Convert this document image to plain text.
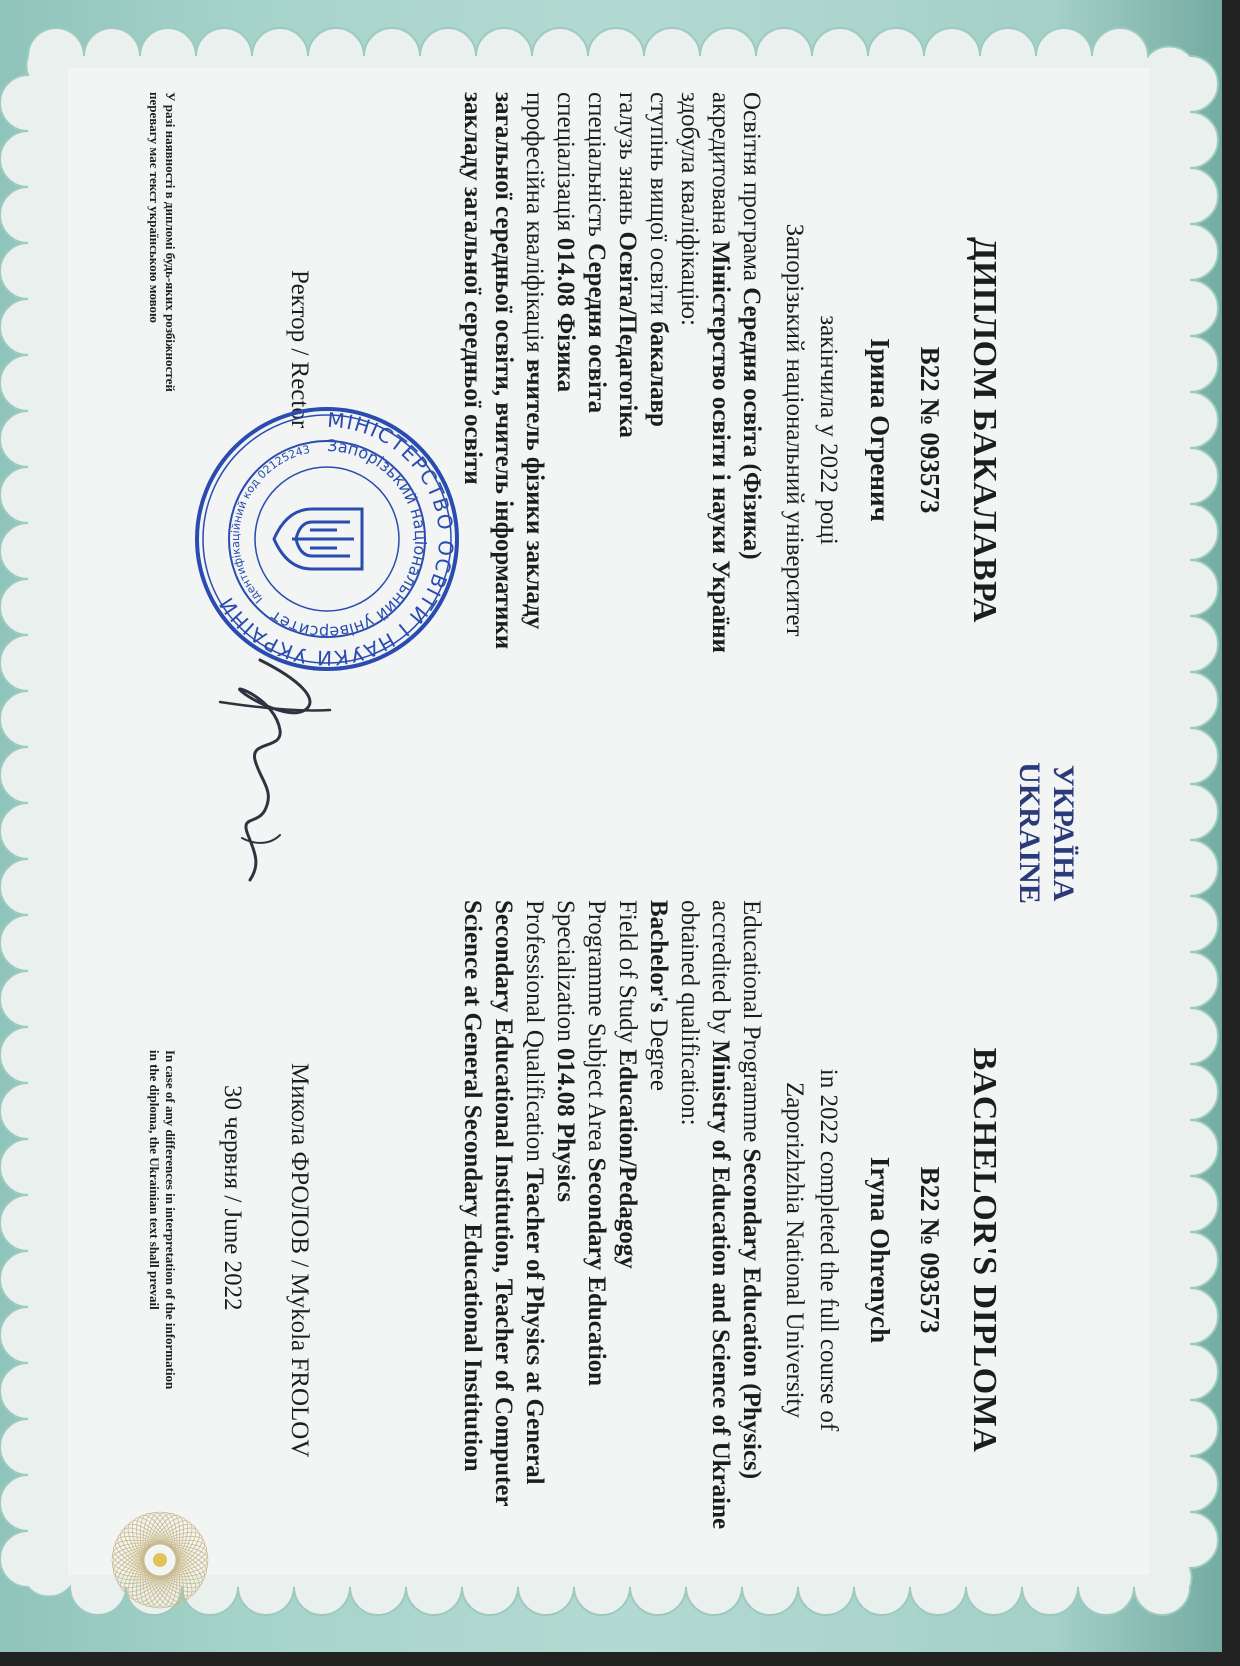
УКРАЇНА
UKRAINE
ДИПЛОМ БАКАЛАВРА
В22 № 093573
Ірина Огренич
закінчила у 2022 році
Запорізький національний університет
Освітня програма Середня освіта (Фізика)
акредитована Міністерство освіти і науки України
здобула кваліфікацію:
ступінь вищої освіти бакалавр
галузь знань Освіта/Педагогіка
спеціальність Середня освіта
спеціалізація 014.08 Фізика
професійна кваліфікація вчитель фізики закладу
загальної середньої освіти, вчитель інформатики
закладу загальної середньої освіти
Ректор / Rector
У разі наявності в дипломі будь-яких розбіжностей
перевагу має текст українською мовою
BACHELOR'S DIPLOMA
В22 № 093573
Iryna Ohrenych
in 2022 completed the full course of
Zaporizhzhia National University
Educational Programme Secondary Education (Physics)
accredited by Ministry of Education and Science of Ukraine
obtained qualification:
Bachelor's Degree
Field of Study Education/Pedagogy
Programme Subject Area Secondary Education
Specialization 014.08 Physics
Professional Qualification Teacher of Physics at General
Secondary Educational Institution, Teacher of Computer
Science at General Secondary Educational Institution
Микола ФРОЛОВ / Mykola FROLOV
30 червня / June 2022
In case of any differences in interpretation of the information
in the diploma, the Ukrainian text shall prevail
МІНІСТЕРСТВО ОСВІТИ І НАУКИ УКРАЇНИ
Запорізький національний університет
Ідентифікаційний код 02125243
